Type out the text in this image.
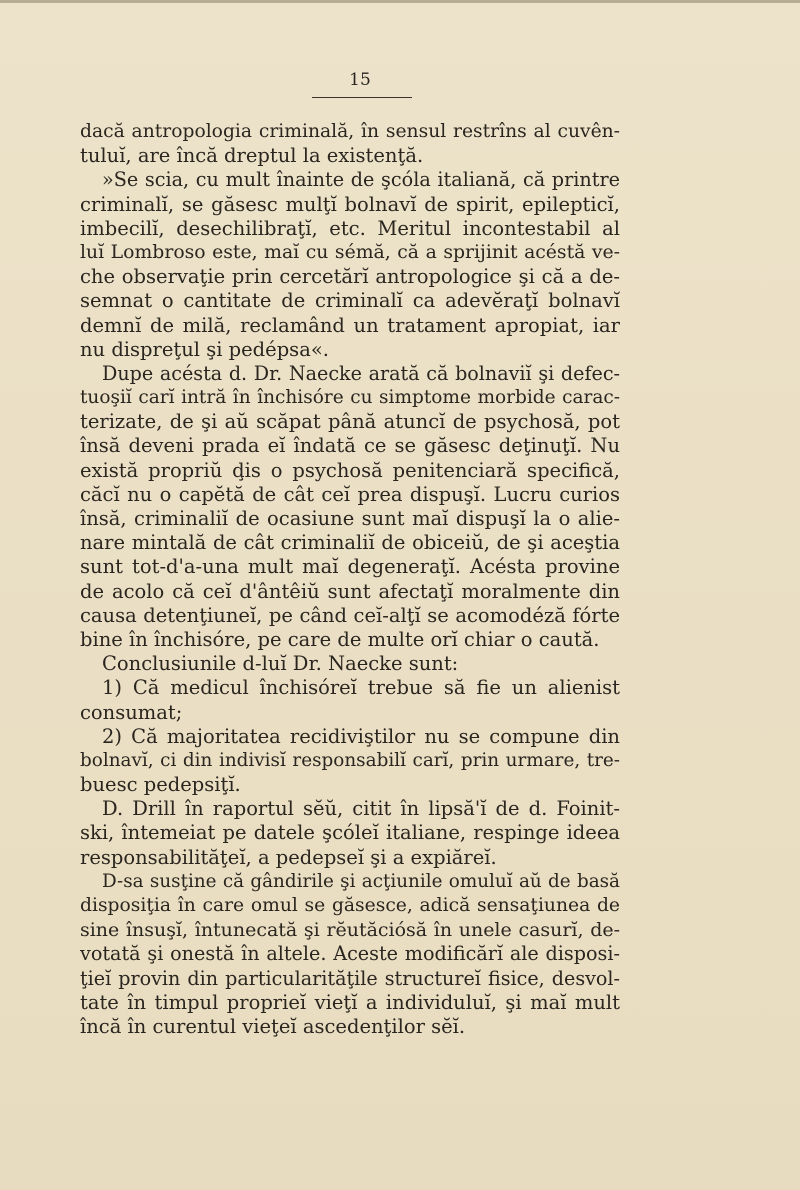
15
dacă antropologia criminală, în sensul restrîns al cuvên-
tuluĭ, are încă dreptul la existenţă.
»Se scia, cu mult înainte de şcóla italiană, că printre
criminalĭ, se găsesc mulţĭ bolnavĭ de spirit, epilepticĭ,
imbecilĭ, desechilibraţĭ, etc. Meritul incontestabil al
luĭ Lombroso este, maĭ cu sémă, că a sprijinit acéstă ve-
che observaţie prin cercetărĭ antropologice şi că a de-
semnat o cantitate de criminalĭ ca adevĕraţĭ bolnavĭ
demnĭ de milă, reclamând un tratament apropiat, iar
nu dispreţul şi pedépsa«.
Dupe acésta d. Dr. Naecke arată că bolnaviĭ şi defec-
tuoşiĭ carĭ intră în închisóre cu simptome morbide carac-
terizate, de şi aŭ scăpat până atuncĭ de psychosă, pot
însă deveni prada eĭ îndată ce se găsesc deţinuţĭ. Nu
există propriŭ ḑis o psychosă penitenciară specifică,
căcĭ nu o capĕtă de cât ceĭ prea dispuşĭ. Lucru curios
însă, criminaliĭ de ocasiune sunt maĭ dispuşĭ la o alie-
nare mintală de cât criminaliĭ de obiceiŭ, de şi aceştia
sunt tot-d'a-una mult maĭ degeneraţĭ. Acésta provine
de acolo că ceĭ d'ântêiŭ sunt afectaţĭ moralmente din
causa detenţiuneĭ, pe când ceĭ-alţĭ se acomodéză fórte
bine în închisóre, pe care de multe orĭ chiar o caută.
Conclusiunile d-luĭ Dr. Naecke sunt:
1) Că medicul închisóreĭ trebue să fie un alienist
consumat;
2) Că majoritatea recidiviştilor nu se compune din
bolnavĭ, ci din indivisĭ responsabilĭ carĭ, prin urmare, tre-
buesc pedepsiţĭ.
D. Drill în raportul sĕŭ, citit în lipsă'ĭ de d. Foinit-
ski, întemeiat pe datele şcóleĭ italiane, respinge ideea
responsabilităţeĭ, a pedepseĭ şi a expiăreĭ.
D-sa susţine că gândirile şi acţiunile omuluĭ aŭ de basă
disposiţia în care omul se găsesce, adică sensaţiunea de
sine însuşĭ, întunecată şi rĕutăciósă în unele casurĭ, de-
votată şi onestă în altele. Aceste modificărĭ ale disposi-
ţieĭ provin din particularităţile structureĭ fisice, desvol-
tate în timpul proprieĭ vieţĭ a individuluĭ, şi maĭ mult
încă în curentul vieţeĭ ascedenţilor sĕĭ.
